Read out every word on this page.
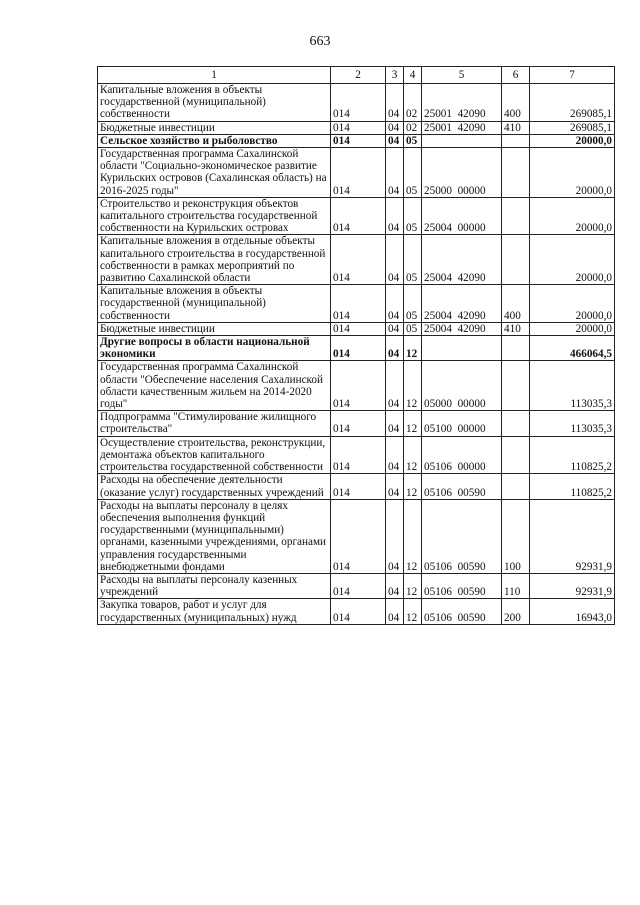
663
1	2	3	4	5	6	7
Капитальные вложения в объекты государственной (муниципальной) собственности	014	04	02	25001  42090	400	269085,1
Бюджетные инвестиции	014	04	02	25001  42090	410	269085,1
Сельское хозяйство и рыболовство	014	04	05			20000,0
Государственная программа Сахалинской области "Социально-экономическое развитие Курильских островов (Сахалинская область) на 2016-2025 годы"	014	04	05	25000  00000		20000,0
Строительство и реконструкция объектов капитального строительства государственной собственности на Курильских островах	014	04	05	25004  00000		20000,0
Капитальные вложения в отдельные объекты капитального строительства в государственной собственности в рамках мероприятий по развитию Сахалинской области	014	04	05	25004  42090		20000,0
Капитальные вложения в объекты государственной (муниципальной) собственности	014	04	05	25004  42090	400	20000,0
Бюджетные инвестиции	014	04	05	25004  42090	410	20000,0
Другие вопросы в области национальной экономики	014	04	12			466064,5
Государственная программа Сахалинской области "Обеспечение населения Сахалинской области качественным жильем на 2014-2020 годы"	014	04	12	05000  00000		113035,3
Подпрограмма "Стимулирование жилищного строительства"	014	04	12	05100  00000		113035,3
Осуществление строительства, реконструкции, демонтажа объектов капитального строительства государственной собственности	014	04	12	05106  00000		110825,2
Расходы на обеспечение деятельности (оказание услуг) государственных учреждений	014	04	12	05106  00590		110825,2
Расходы на выплаты персоналу в целях обеспечения выполнения функций государственными (муниципальными) органами, казенными учреждениями, органами управления государственными внебюджетными фондами	014	04	12	05106  00590	100	92931,9
Расходы на выплаты персоналу казенных учреждений	014	04	12	05106  00590	110	92931,9
Закупка товаров, работ и услуг для государственных (муниципальных) нужд	014	04	12	05106  00590	200	16943,0
